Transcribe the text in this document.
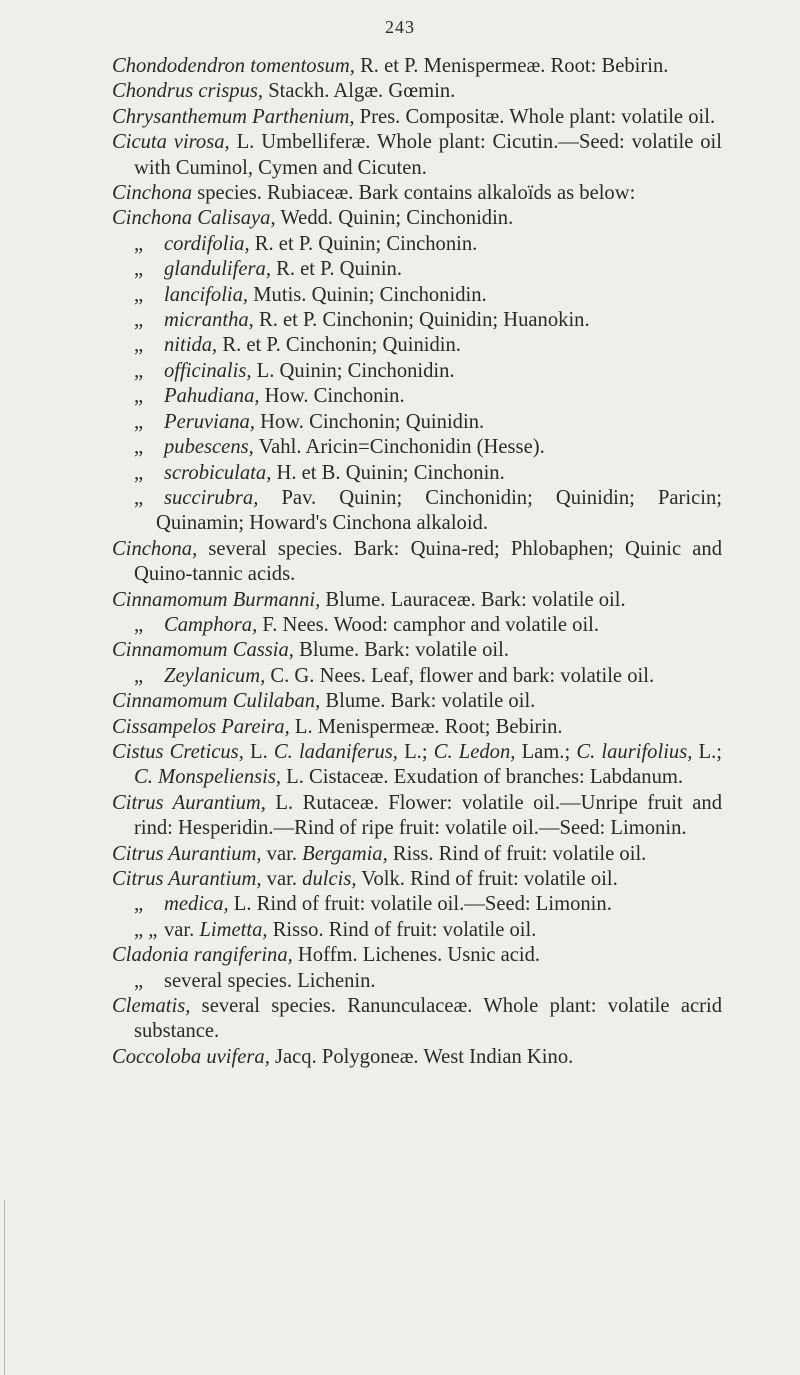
243
Chondodendron tomentosum, R. et P. Menispermeæ. Root: Bebirin.
Chondrus crispus, Stackh. Algæ. Gœmin.
Chrysanthemum Parthenium, Pres. Compositæ. Whole plant: volatile oil.
Cicuta virosa, L. Umbelliferæ. Whole plant: Cicutin.—Seed: volatile oil with Cuminol, Cymen and Cicuten.
Cinchona species. Rubiaceæ. Bark contains alkaloïds as below:
Cinchona Calisaya, Wedd. Quinin; Cinchonidin.
„ cordifolia, R. et P. Quinin; Cinchonin.
„ glandulifera, R. et P. Quinin.
„ lancifolia, Mutis. Quinin; Cinchonidin.
„ micrantha, R. et P. Cinchonin; Quinidin; Huanokin.
„ nitida, R. et P. Cinchonin; Quinidin.
„ officinalis, L. Quinin; Cinchonidin.
„ Pahudiana, How. Cinchonin.
„ Peruviana, How. Cinchonin; Quinidin.
„ pubescens, Vahl. Aricin=Cinchonidin (Hesse).
„ scrobiculata, H. et B. Quinin; Cinchonin.
„ succirubra, Pav. Quinin; Cinchonidin; Quinidin; Paricin; Quinamin; Howard's Cinchona alkaloid.
Cinchona, several species. Bark: Quina-red; Phlobaphen; Quinic and Quino-tannic acids.
Cinnamomum Burmanni, Blume. Lauraceæ. Bark: volatile oil.
„ Camphora, F. Nees. Wood: camphor and volatile oil.
Cinnamomum Cassia, Blume. Bark: volatile oil.
„ Zeylanicum, C. G. Nees. Leaf, flower and bark: volatile oil.
Cinnamomum Culilaban, Blume. Bark: volatile oil.
Cissampelos Pareira, L. Menispermeæ. Root; Bebirin.
Cistus Creticus, L. C. ladaniferus, L.; C. Ledon, Lam.; C. laurifolius, L.; C. Monspeliensis, L. Cistaceæ. Exudation of branches: Labdanum.
Citrus Aurantium, L. Rutaceæ. Flower: volatile oil.—Unripe fruit and rind: Hesperidin.—Rind of ripe fruit: volatile oil.—Seed: Limonin.
Citrus Aurantium, var. Bergamia, Riss. Rind of fruit: volatile oil.
Citrus Aurantium, var. dulcis, Volk. Rind of fruit: volatile oil.
„ medica, L. Rind of fruit: volatile oil.—Seed: Limonin.
„ „ var. Limetta, Risso. Rind of fruit: volatile oil.
Cladonia rangiferina, Hoffm. Lichenes. Usnic acid.
„ several species. Lichenin.
Clematis, several species. Ranunculaceæ. Whole plant: volatile acrid substance.
Coccoloba uvifera, Jacq. Polygoneæ. West Indian Kino.
